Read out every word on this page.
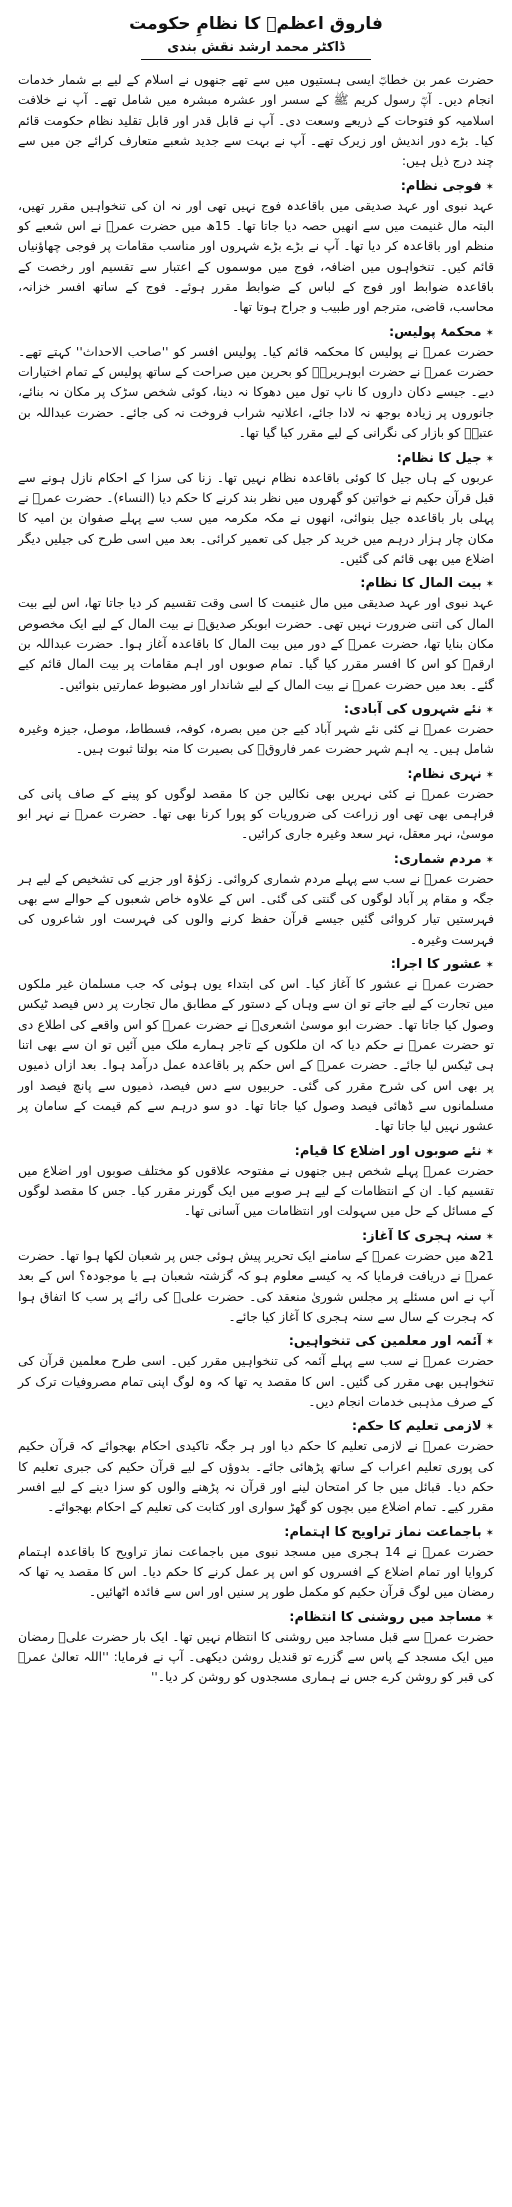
فاروق اعظمؓ کا نظامِ حکومت
ڈاکٹر محمد ارشد نقش بندی

حضرت عمر بن خطابؓ ایسی ہستیوں میں سے تھے جنھوں نے اسلام کے لیے بے شمار خدمات انجام دیں۔ آپؓ رسول کریم ﷺ کے سسر اور عشرہ مبشرہ میں شامل تھے۔ آپ نے خلافت اسلامیہ کو فتوحات کے ذریعے وسعت دی۔ آپ نے قابل قدر اور قابل تقلید نظام حکومت قائم کیا۔ بڑے دور اندیش اور زیرک تھے۔ آپ نے بہت سے جدید شعبے متعارف کرائے جن میں سے چند درج ذیل ہیں:

✶فوجی نظام:

عہد نبوی اور عہد صدیقی میں باقاعدہ فوج نہیں تھی اور نہ ان کی تنخواہیں مقرر تھیں، البتہ مال غنیمت میں سے انھیں حصہ دیا جاتا تھا۔ 15ھ میں حضرت عمرؓ نے اس شعبے کو منظم اور باقاعدہ کر دیا تھا۔ آپ نے بڑے بڑے شہروں اور مناسب مقامات پر فوجی چھاؤنیاں قائم کیں۔ تنخواہوں میں اضافہ، فوج میں موسموں کے اعتبار سے تقسیم اور رخصت کے باقاعدہ ضوابط اور فوج کے لباس کے ضوابط مقرر ہوئے۔ فوج کے ساتھ افسر خزانہ، محاسب، قاضی، مترجم اور طبیب و جراح ہوتا تھا۔

✶محکمۂ پولیس:

حضرت عمرؓ نے پولیس کا محکمہ قائم کیا۔ پولیس افسر کو ''صاحب الاحداث'' کہتے تھے۔ حضرت عمرؓ نے حضرت ابوہریرہؓ کو بحرین میں صراحت کے ساتھ پولیس کے تمام اختیارات دیے۔ جیسے دکان داروں کا ناپ تول میں دھوکا نہ دینا، کوئی شخص سڑک پر مکان نہ بنائے، جانوروں پر زیادہ بوجھ نہ لادا جائے، اعلانیہ شراب فروخت نہ کی جائے۔ حضرت عبداللہ بن عتبہؓ کو بازار کی نگرانی کے لیے مقرر کیا گیا تھا۔

✶جیل کا نظام:

عربوں کے ہاں جیل کا کوئی باقاعدہ نظام نہیں تھا۔ زنا کی سزا کے احکام نازل ہونے سے قبل قرآن حکیم نے خواتین کو گھروں میں نظر بند کرنے کا حکم دیا (النساء)۔ حضرت عمرؓ نے پہلی بار باقاعدہ جیل بنوائی، انھوں نے مکہ مکرمہ میں سب سے پہلے صفوان بن امیہ کا مکان چار ہزار درہم میں خرید کر جیل کی تعمیر کرائی۔ بعد میں اسی طرح کی جیلیں دیگر اضلاع میں بھی قائم کی گئیں۔

✶بیت المال کا نظام:

عہد نبوی اور عہد صدیقی میں مال غنیمت کا اسی وقت تقسیم کر دیا جاتا تھا، اس لیے بیت المال کی اتنی ضرورت نہیں تھی۔ حضرت ابوبکر صدیقؓ نے بیت المال کے لیے ایک مخصوص مکان بنایا تھا، حضرت عمرؓ کے دور میں بیت المال کا باقاعدہ آغاز ہوا۔ حضرت عبداللہ بن ارقمؓ کو اس کا افسر مقرر کیا گیا۔ تمام صوبوں اور اہم مقامات پر بیت المال قائم کیے گئے۔ بعد میں حضرت عمرؓ نے بیت المال کے لیے شاندار اور مضبوط عمارتیں بنوائیں۔

✶نئے شہروں کی آبادی:

حضرت عمرؓ نے کئی نئے شہر آباد کیے جن میں بصرہ، کوفہ، فسطاط، موصل، جیزہ وغیرہ شامل ہیں۔ یہ اہم شہر حضرت عمر فاروقؓ کی بصیرت کا منہ بولتا ثبوت ہیں۔

✶نہری نظام:

حضرت عمرؓ نے کئی نہریں بھی نکالیں جن کا مقصد لوگوں کو پینے کے صاف پانی کی فراہمی بھی تھی اور زراعت کی ضروریات کو پورا کرنا بھی تھا۔ حضرت عمرؓ نے نہر ابو موسیٰ، نہر معقل، نہر سعد وغیرہ جاری کرائیں۔

✶مردم شماری:

حضرت عمرؓ نے سب سے پہلے مردم شماری کروائی۔ زکوٰۃ اور جزیے کی تشخیص کے لیے ہر جگہ و مقام پر آباد لوگوں کی گنتی کی گئی۔ اس کے علاوہ خاص شعبوں کے حوالے سے بھی فہرستیں تیار کروائی گئیں جیسے قرآن حفظ کرنے والوں کی فہرست اور شاعروں کی فہرست وغیرہ۔

✶عشور کا اجرا:

حضرت عمرؓ نے عشور کا آغاز کیا۔ اس کی ابتداء یوں ہوئی کہ جب مسلمان غیر ملکوں میں تجارت کے لیے جاتے تو ان سے وہاں کے دستور کے مطابق مال تجارت پر دس فیصد ٹیکس وصول کیا جاتا تھا۔ حضرت ابو موسیٰ اشعریؓ نے حضرت عمرؓ کو اس واقعے کی اطلاع دی تو حضرت عمرؓ نے حکم دیا کہ ان ملکوں کے تاجر ہمارے ملک میں آئیں تو ان سے بھی اتنا ہی ٹیکس لیا جائے۔ حضرت عمرؓ کے اس حکم پر باقاعدہ عمل درآمد ہوا۔ بعد ازاں ذمیوں پر بھی اس کی شرح مقرر کی گئی۔ حربیوں سے دس فیصد، ذمیوں سے پانچ فیصد اور مسلمانوں سے ڈھائی فیصد وصول کیا جاتا تھا۔ دو سو درہم سے کم قیمت کے سامان پر عشور نہیں لیا جاتا تھا۔

✶نئے صوبوں اور اضلاع کا قیام:

حضرت عمرؓ پہلے شخص ہیں جنھوں نے مفتوحہ علاقوں کو مختلف صوبوں اور اضلاع میں تقسیم کیا۔ ان کے انتظامات کے لیے ہر صوبے میں ایک گورنر مقرر کیا۔ جس کا مقصد لوگوں کے مسائل کے حل میں سہولت اور انتظامات میں آسانی تھا۔

✶سنہ ہجری کا آغاز:

21ھ میں حضرت عمرؓ کے سامنے ایک تحریر پیش ہوئی جس پر شعبان لکھا ہوا تھا۔ حضرت عمرؓ نے دریافت فرمایا کہ یہ کیسے معلوم ہو کہ گزشتہ شعبان ہے یا موجودہ؟ اس کے بعد آپ نے اس مسئلے پر مجلس شوریٰ منعقد کی۔ حضرت علیؓ کی رائے پر سب کا اتفاق ہوا کہ ہجرت کے سال سے سنہ ہجری کا آغاز کیا جائے۔

✶آئمہ اور معلمین کی تنخواہیں:

حضرت عمرؓ نے سب سے پہلے آئمہ کی تنخواہیں مقرر کیں۔ اسی طرح معلمین قرآن کی تنخواہیں بھی مقرر کی گئیں۔ اس کا مقصد یہ تھا کہ وہ لوگ اپنی تمام مصروفیات ترک کر کے صرف مذہبی خدمات انجام دیں۔

✶لازمی تعلیم کا حکم:

حضرت عمرؓ نے لازمی تعلیم کا حکم دیا اور ہر جگہ تاکیدی احکام بھجوائے کہ قرآن حکیم کی پوری تعلیم اعراب کے ساتھ پڑھائی جائے۔ بدوؤں کے لیے قرآن حکیم کی جبری تعلیم کا حکم دیا۔ قبائل میں جا کر امتحان لینے اور قرآن نہ پڑھنے والوں کو سزا دینے کے لیے افسر مقرر کیے۔ تمام اضلاع میں بچوں کو گھڑ سواری اور کتابت کی تعلیم کے احکام بھجوائے۔

✶باجماعت نماز تراویح کا اہتمام:

حضرت عمرؓ نے 14 ہجری میں مسجد نبوی میں باجماعت نماز تراویح کا باقاعدہ اہتمام کروایا اور تمام اضلاع کے افسروں کو اس پر عمل کرنے کا حکم دیا۔ اس کا مقصد یہ تھا کہ رمضان میں لوگ قرآن حکیم کو مکمل طور پر سنیں اور اس سے فائدہ اٹھائیں۔

✶مساجد میں روشنی کا انتظام:

حضرت عمرؓ سے قبل مساجد میں روشنی کا انتظام نہیں تھا۔ ایک بار حضرت علیؓ رمضان میں ایک مسجد کے پاس سے گزرے تو قندیل روشن دیکھی۔ آپ نے فرمایا: ''اللہ تعالیٰ عمرؓ کی قبر کو روشن کرے جس نے ہماری مسجدوں کو روشن کر دیا۔''
